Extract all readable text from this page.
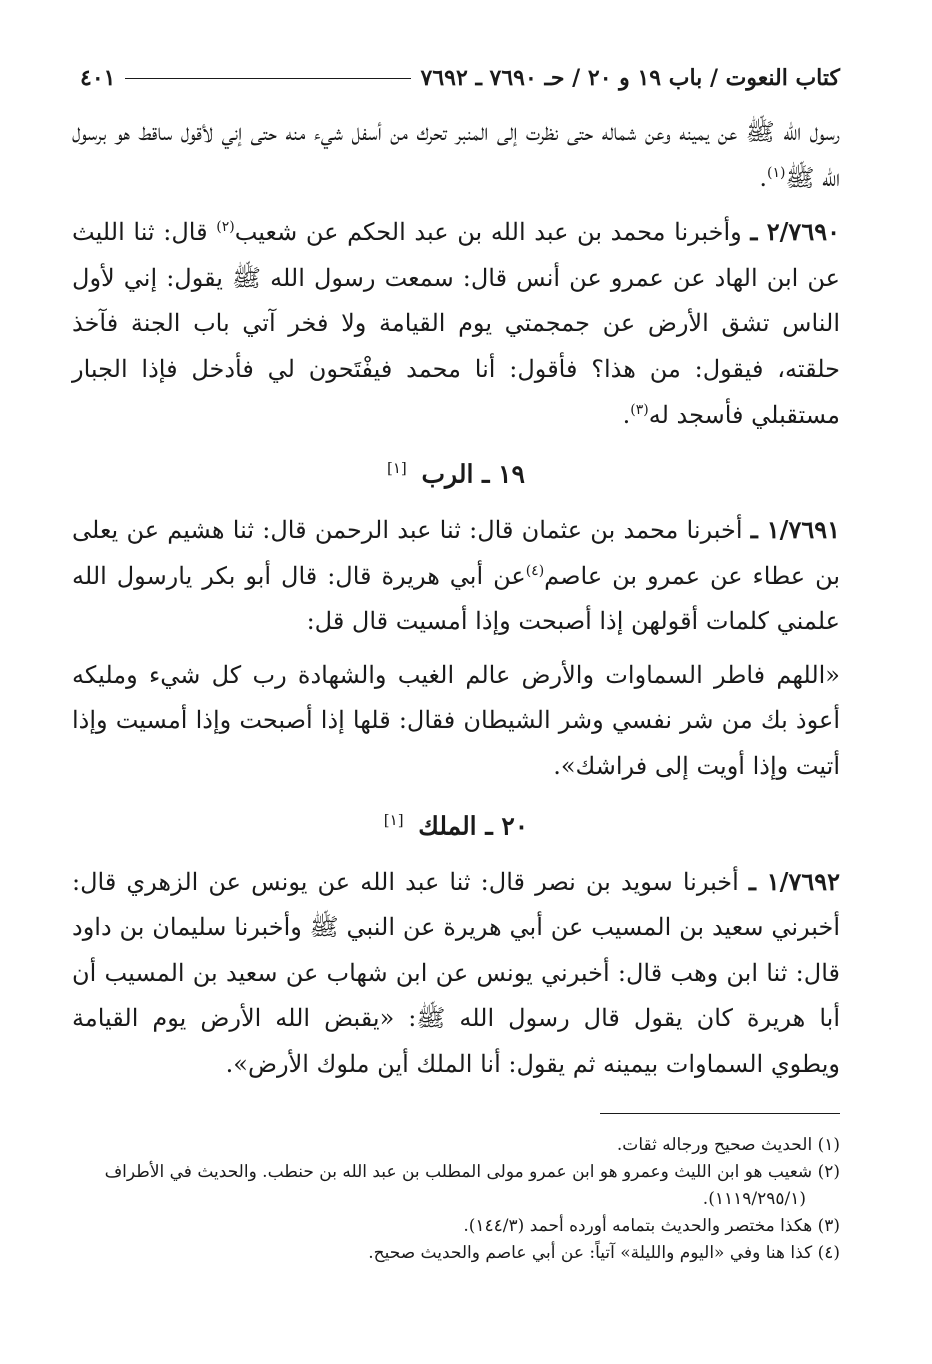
كتاب النعوت / باب ١٩ و ٢٠ / حـ ٧٦٩٠ ـ ٧٦٩٢
٤٠١

رسول الله ﷺ عن يمينه وعن شماله حتى نظرت إلى المنبر تحرك من أسفل شيء منه حتى إني لأقول ساقط هو برسول الله ﷺ$^{(١)}$.

٢/٧٦٩٠ ـ وأخبرنا محمد بن عبد الله بن عبد الحكم عن شعيب$^{(٢)}$ قال: ثنا الليث عن ابن الهاد عن عمرو عن أنس قال: سمعت رسول الله ﷺ يقول: إني لأول الناس تشق الأرض عن جمجمتي يوم القيامة ولا فخر آتي باب الجنة فآخذ حلقته، فيقول: من هذا؟ فأقول: أنا محمد فيفْتَحون لي فأدخل فإذا الجبار مستقبلي فأسجد له$^{(٣)}$.

١٩ ـ الرب [١]

١/٧٦٩١ ـ أخبرنا محمد بن عثمان قال: ثنا عبد الرحمن قال: ثنا هشيم عن يعلى بن عطاء عن عمرو بن عاصم$^{(٤)}$عن أبي هريرة قال: قال أبو بكر يارسول الله علمني كلمات أقولهن إذا أصبحت وإذا أمسيت قال قل:

«اللهم فاطر السماوات والأرض عالم الغيب والشهادة رب كل شيء ومليكه أعوذ بك من شر نفسي وشر الشيطان فقال: قلها إذا أصبحت وإذا أمسيت وإذا أتيت وإذا أويت إلى فراشك».

٢٠ ـ الملك [١]

١/٧٦٩٢ ـ أخبرنا سويد بن نصر قال: ثنا عبد الله عن يونس عن الزهري قال: أخبرني سعيد بن المسيب عن أبي هريرة عن النبي ﷺ وأخبرنا سليمان بن داود قال: ثنا ابن وهب قال: أخبرني يونس عن ابن شهاب عن سعيد بن المسيب أن أبا هريرة كان يقول قال رسول الله ﷺ: «يقبض الله الأرض يوم القيامة ويطوي السماوات بيمينه ثم يقول: أنا الملك أين ملوك الأرض».

(١) الحديث صحيح ورجاله ثقات.
(٢) شعيب هو ابن الليث وعمرو هو ابن عمرو مولى المطلب بن عبد الله بن حنطب. والحديث في الأطراف
(١١١٩/٢٩٥/١).
(٣) هكذا مختصر والحديث بتمامه أورده أحمد (١٤٤/٣).
(٤) كذا هنا وفي «اليوم والليلة» آتياً: عن أبي عاصم والحديث صحيح.
